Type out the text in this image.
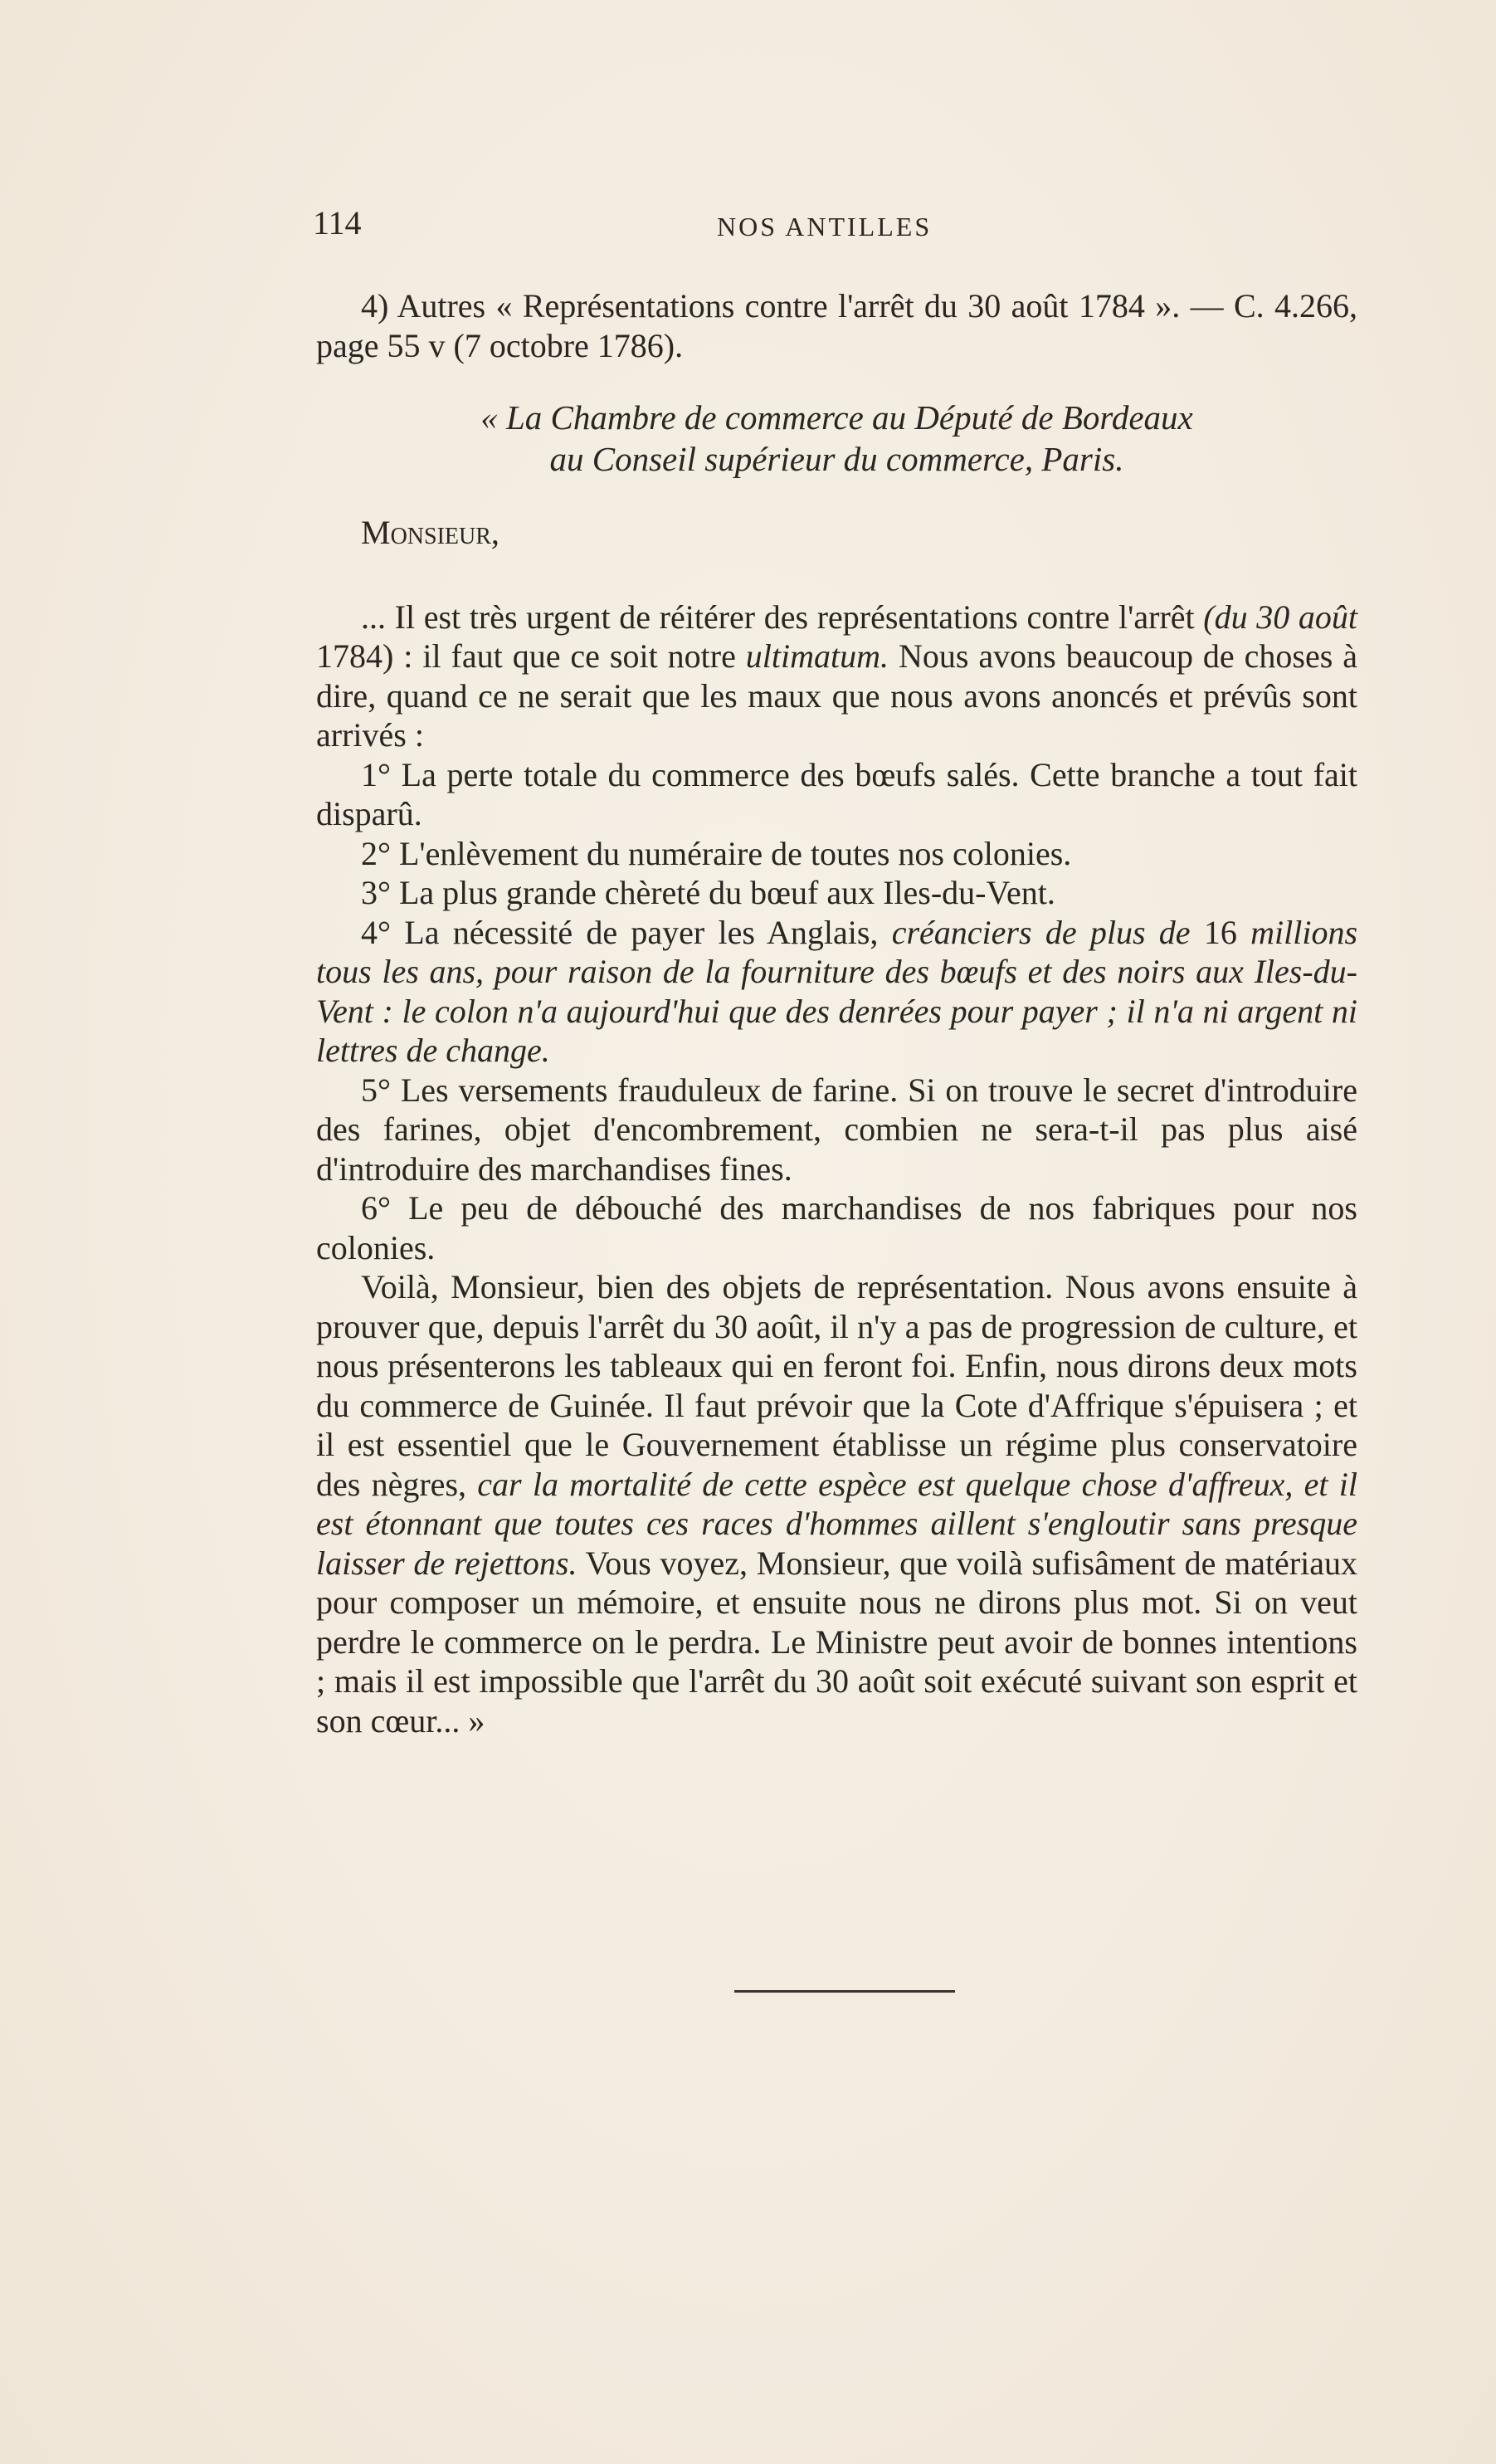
114	NOS ANTILLES

4) Autres « Représentations contre l'arrêt du 30 août 1784 ». — C. 4.266, page 55 v (7 octobre 1786).

« La Chambre de commerce au Député de Bordeaux
au Conseil supérieur du commerce, Paris.

Monsieur,

... Il est très urgent de réitérer des représentations contre l'arrêt (du 30 août 1784) : il faut que ce soit notre ultimatum. Nous avons beaucoup de choses à dire, quand ce ne serait que les maux que nous avons anoncés et prévûs sont arrivés :

1° La perte totale du commerce des bœufs salés. Cette branche a tout fait disparû.

2° L'enlèvement du numéraire de toutes nos colonies.

3° La plus grande chèreté du bœuf aux Iles-du-Vent.

4° La nécessité de payer les Anglais, créanciers de plus de 16 millions tous les ans, pour raison de la fourniture des bœufs et des noirs aux Iles-du-Vent : le colon n'a aujourd'hui que des denrées pour payer ; il n'a ni argent ni lettres de change.

5° Les versements frauduleux de farine. Si on trouve le secret d'introduire des farines, objet d'encombrement, combien ne sera-t-il pas plus aisé d'introduire des marchandises fines.

6° Le peu de débouché des marchandises de nos fabriques pour nos colonies.

Voilà, Monsieur, bien des objets de représentation. Nous avons ensuite à prouver que, depuis l'arrêt du 30 août, il n'y a pas de progression de culture, et nous présenterons les tableaux qui en feront foi. Enfin, nous dirons deux mots du commerce de Guinée. Il faut prévoir que la Cote d'Affrique s'épuisera ; et il est essentiel que le Gouvernement établisse un régime plus conservatoire des nègres, car la mortalité de cette espèce est quelque chose d'affreux, et il est étonnant que toutes ces races d'hommes aillent s'engloutir sans presque laisser de rejettons. Vous voyez, Monsieur, que voilà sufisâment de matériaux pour composer un mémoire, et ensuite nous ne dirons plus mot. Si on veut perdre le commerce on le perdra. Le Ministre peut avoir de bonnes intentions ; mais il est impossible que l'arrêt du 30 août soit exécuté suivant son esprit et son cœur... »
